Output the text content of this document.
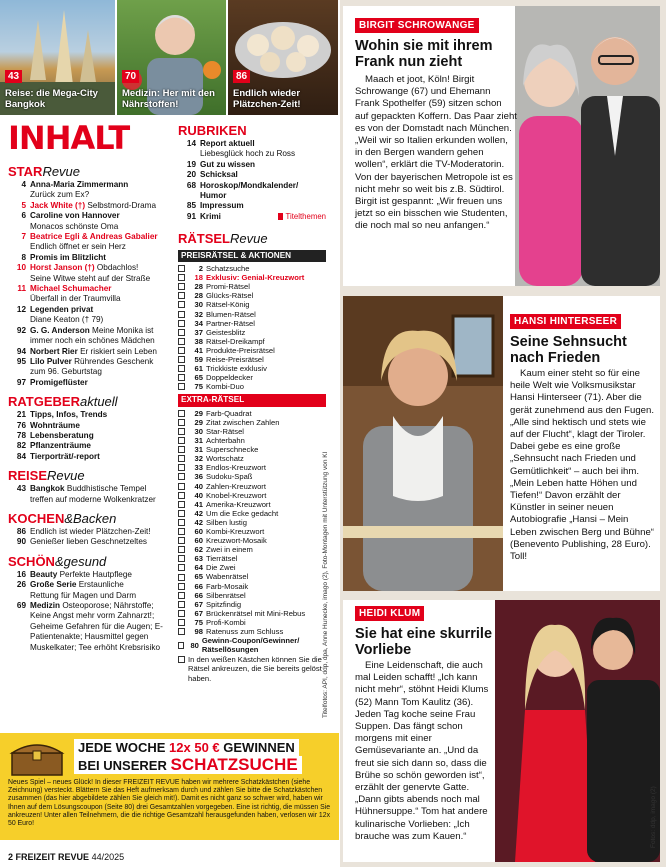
43
Reise: die Mega-City Bangkok
70
Medizin: Her mit den Nährstoffen!
86
Endlich wieder Plätzchen-Zeit!
INHALT
STARRevue
4 Anna-Maria Zimmermann
Zurück zum Ex?
5 Jack White (†) Selbstmord-Drama
6 Caroline von Hannover
Monacos schönste Oma
7 Beatrice Egli & Andreas Gabalier
Endlich öffnet er sein Herz
8 Promis im Blitzlicht
10 Horst Janson (†) Obdachlos!
Seine Witwe steht auf der Straße
11 Michael Schumacher
Überfall in der Traumvilla
12 Legenden privat
Diane Keaton († 79)
92 G. G. Anderson Meine Monika ist
immer noch ein schönes Mädchen
94 Norbert Rier Er riskiert sein Leben
95 Lilo Pulver Rührendes Geschenk
zum 96. Geburtstag
97 Promigeflüster
RATGEBERaktuell
21 Tipps, Infos, Trends
76 Wohnträume
78 Lebensberatung
82 Pflanzenträume
84 Tierporträt/-report
REISERevue
43 Bangkok Buddhistische Tempel
treffen auf moderne Wolkenkratzer
KOCHEN&Backen
86 Endlich ist wieder Plätzchen-Zeit!
90 Genießer lieben Geschnetzeltes
SCHÖN&gesund
16 Beauty Perfekte Hautpflege
26 Große Serie Erstaunliche
Rettung für Magen und Darm
69 Medizin Osteoporose; Nährstoffe;
Keine Angst mehr vorm Zahnarzt!; Geheime Gefahren für die Augen; E-Patientenakte; Hausmittel gegen Muskelkater; Tee erhöht Krebsrisiko
RUBRIKEN
14 Report aktuell
Liebesglück hoch zu Ross
19 Gut zu wissen
20 Schicksal
68 Horoskop/Mondkalender/ Humor
85 Impressum
91 Krimi	Titelthemen
RÄTSELRevue
PREISRÄTSEL & AKTIONEN
2 Schatzsuche
18 Exklusiv: Genial-Kreuzwort
28 Promi-Rätsel
28 Glücks-Rätsel
30 Rätsel-König
32 Blumen-Rätsel
34 Partner-Rätsel
37 Geistesblitz
38 Rätsel-Dreikampf
41 Produkte-Preisrätsel
59 Reise-Preisrätsel
61 Trickkiste exklusiv
65 Doppeldecker
75 Kombi-Duo
EXTRA-RÄTSEL
29 Farb-Quadrat
29 Zitat zwischen Zahlen
30 Star-Rätsel
31 Achterbahn
31 Superschnecke
32 Wortschatz
33 Endlos-Kreuzwort
36 Sudoku-Spaß
40 Zahlen-Kreuzwort
40 Knobel-Kreuzwort
41 Amerika-Kreuzwort
42 Um die Ecke gedacht
42 Silben lustig
60 Kombi-Kreuzwort
60 Kreuzwort-Mosaik
62 Zwei in einem
63 Tierrätsel
64 Die Zwei
65 Wabenrätsel
66 Farb-Mosaik
66 Silbenrätsel
67 Spitzfindig
67 Brückenrätsel mit Mini-Rebus
75 Profi-Kombi
98 Ratenuss zum Schluss
80
Gewinn-Coupon/Gewinner/ Rätsellösungen
In den weißen Kästchen können Sie die Rätsel ankreuzen, die Sie bereits gelöst haben.	Titelfotos: API, ddp, dpa, Anne Hunecke, imago (2), Foto-Montagen mit Unterstützung von KI
JEDE WOCHE 12x 50 € GEWINNEN
BEI UNSERER SCHATZSUCHE
Neues Spiel – neues Glück! In dieser FREIZEIT REVUE haben wir mehrere Schatzkästchen (siehe Zeichnung) versteckt. Blättern Sie das Heft aufmerksam durch und zählen Sie bitte die Schatzkästchen zusammen (das hier abgebildete zählen Sie gleich mit!). Damit es nicht ganz so schwer wird, haben wir Ihnen auf dem Lösungscoupon (Seite 80) drei Gesamtzahlen vorgegeben. Eine ist richtig, die müssen Sie ankreuzen! Unter allen Teilnehmern, die die richtige Gesamtzahl herausgefunden haben, verlosen wir 12x 50 Euro!
2 FREIZEIT REVUE 44/2025
BIRGIT SCHROWANGE
Wohin sie mit ihrem Frank nun zieht
Maach et joot, Köln! Birgit Schrowange (67) und Ehemann Frank Spothelfer (59) sitzen schon auf gepackten Koffern. Das Paar zieht es von der Domstadt nach München. „Weil wir so Italien erkunden wollen, in den Bergen wandern gehen wollen“, erklärt die TV-Moderatorin. Von der bayerischen Metropole ist es nicht mehr so weit bis z.B. Südtirol. Birgit ist gespannt: „Wir freuen uns jetzt so ein bisschen wie Studenten, die noch mal so neu anfangen.“
HANSI HINTERSEER
Seine Sehnsucht nach Frieden
Kaum einer steht so für eine heile Welt wie Volksmusikstar Hansi Hinterseer (71). Aber die gerät zunehmend aus den Fugen. „Alle sind hektisch und stets wie auf der Flucht“, klagt der Tiroler. Dabei gebe es eine große „Sehnsucht nach Frieden und Gemütlichkeit“ – auch bei ihm. „Mein Leben hatte Höhen und Tiefen!“ Davon erzählt der Künstler in seiner neuen Autobiografie „Hansi – Mein Leben zwischen Berg und Bühne“ (Benevento Publishing, 28 Euro). Toll!
HEIDI KLUM
Sie hat eine skurrile Vorliebe
Eine Leidenschaft, die auch mal Leiden schafft! „Ich kann nicht mehr“, stöhnt Heidi Klums (52) Mann Tom Kaulitz (36). Jeden Tag koche seine Frau Suppen. Das fängt schon morgens mit einer Gemüsevariante an. „Und da freut sie sich dann so, dass die Brühe so schön geworden ist“, erzählt der genervte Gatte. „Dann gibts abends noch mal Hühnersuppe.“ Tom hat andere kulinarische Vorlieben: „Ich brauche was zum Kauen.“	Fotos: ddp, imago (2)
